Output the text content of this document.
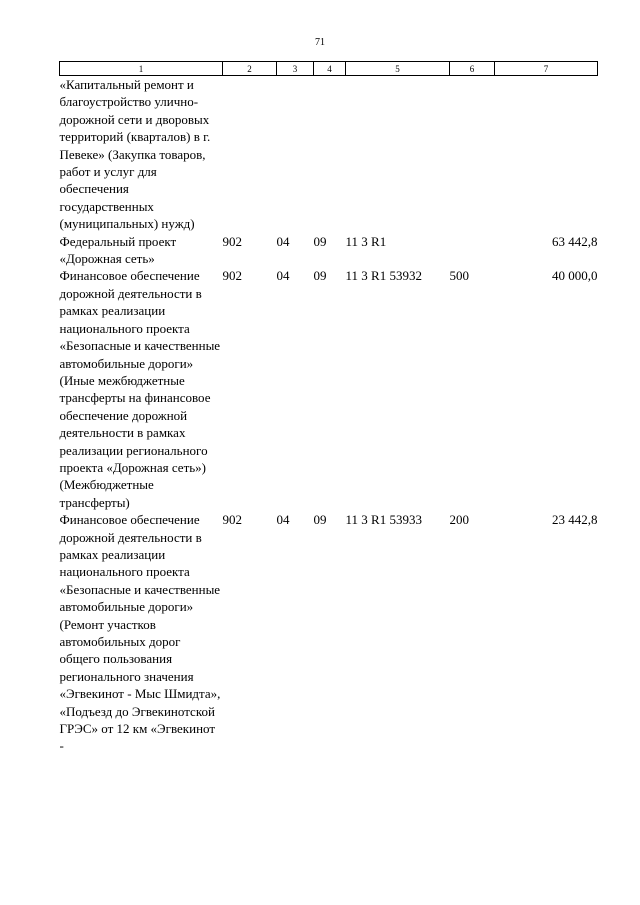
71
1	2	3	4	5	6	7
«Капитальный ремонт и благоустройство улично-дорожной сети и дворовых территорий (кварталов) в г. Певеке» (Закупка товаров, работ и услуг для обеспечения государственных (муниципальных) нужд)						
Федеральный проект «Дорожная сеть»	902	04	09	11 3 R1		63 442,8
Финансовое обеспечение дорожной деятельности в рамках реализации национального проекта «Безопасные и качественные автомобильные дороги» (Иные межбюджетные трансферты на финансовое обеспечение дорожной деятельности в рамках реализации регионального проекта «Дорожная сеть») (Межбюджетные трансферты)	902	04	09	11 3 R1 53932	500	40 000,0
Финансовое обеспечение дорожной деятельности в рамках реализации национального проекта «Безопасные и качественные автомобильные дороги» (Ремонт участков автомобильных дорог общего пользования регионального значения «Эгвекинот - Мыс Шмидта», «Подъезд до Эгвекинотской ГРЭС» от 12 км «Эгвекинот -	902	04	09	11 3 R1 53933	200	23 442,8
